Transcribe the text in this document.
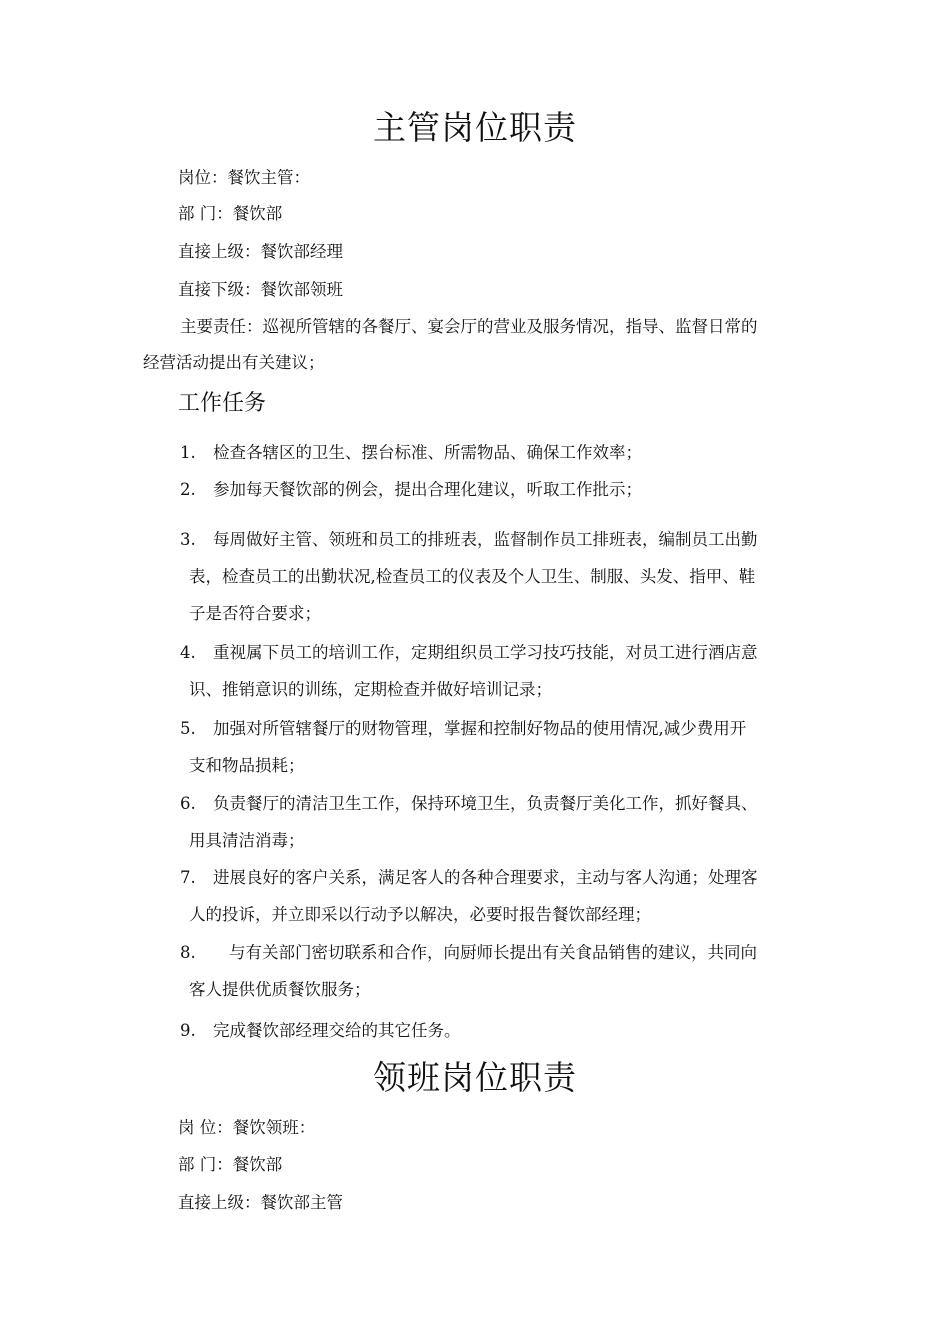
主管岗位职责
岗位：餐饮主管：
部 门：餐饮部
直接上级：餐饮部经理
直接下级：餐饮部领班
主要责任：巡视所管辖的各餐厅、宴会厅的营业及服务情况，指导、监督日常的
经营活动提出有关建议；
工作任务
1. 检查各辖区的卫生、摆台标准、所需物品、确保工作效率；
2. 参加每天餐饮部的例会，提出合理化建议，听取工作批示；
3. 每周做好主管、领班和员工的排班表，监督制作员工排班表，编制员工出勤
表，检查员工的出勤状况,检查员工的仪表及个人卫生、制服、头发、指甲、鞋
子是否符合要求；
4. 重视属下员工的培训工作，定期组织员工学习技巧技能，对员工进行酒店意
识、推销意识的训练，定期检查并做好培训记录；
5. 加强对所管辖餐厅的财物管理，掌握和控制好物品的使用情况,减少费用开
支和物品损耗；
6. 负责餐厅的清洁卫生工作，保持环境卫生，负责餐厅美化工作，抓好餐具、
用具清洁消毒；
7. 进展良好的客户关系，满足客人的各种合理要求，主动与客人沟通；处理客
人的投诉，并立即采以行动予以解决，必要时报告餐饮部经理；
8. 与有关部门密切联系和合作，向厨师长提出有关食品销售的建议，共同向
客人提供优质餐饮服务；
9. 完成餐饮部经理交给的其它任务。
领班岗位职责
岗 位：餐饮领班：
部 门：餐饮部
直接上级：餐饮部主管
